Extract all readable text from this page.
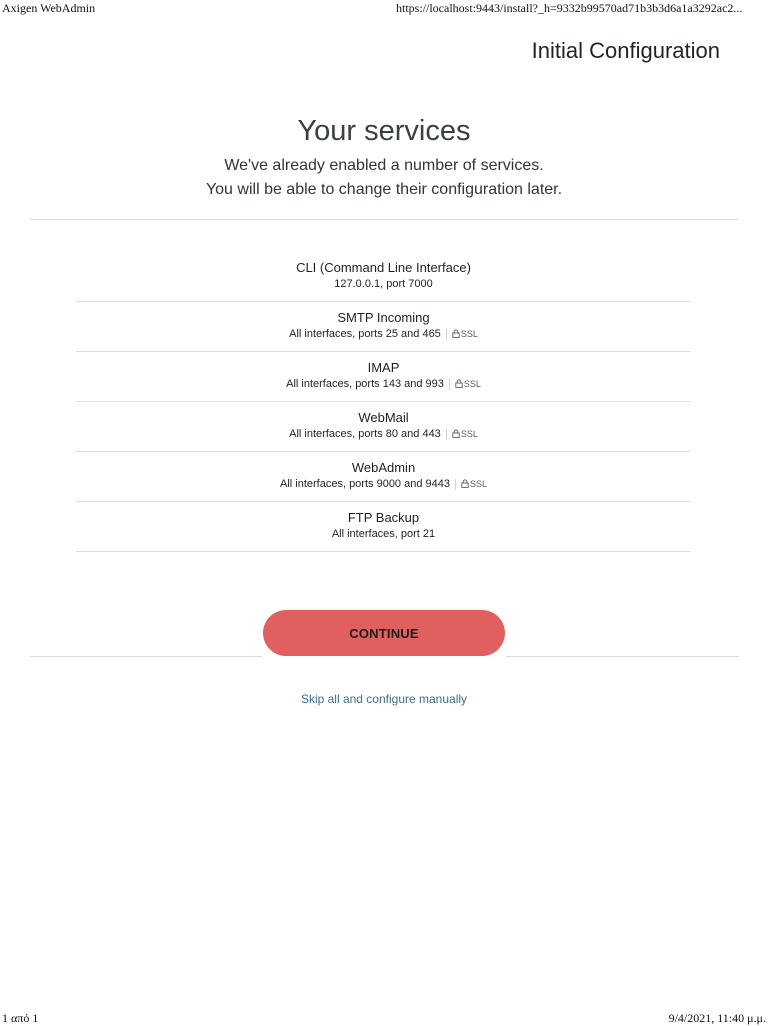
Axigen WebAdmin	https://localhost:9443/install?_h=9332b99570ad71b3b3d6a1a3292ac2...
Initial Configuration
Your services
We've already enabled a number of services.
You will be able to change their configuration later.
CLI (Command Line Interface)
127.0.0.1, port 7000
SMTP Incoming
All interfaces, ports 25 and 465 SSL
IMAP
All interfaces, ports 143 and 993 SSL
WebMail
All interfaces, ports 80 and 443 SSL
WebAdmin
All interfaces, ports 9000 and 9443 SSL
FTP Backup
All interfaces, port 21
CONTINUE
Skip all and configure manually
1 από 1	9/4/2021, 11:40 μ.μ.
